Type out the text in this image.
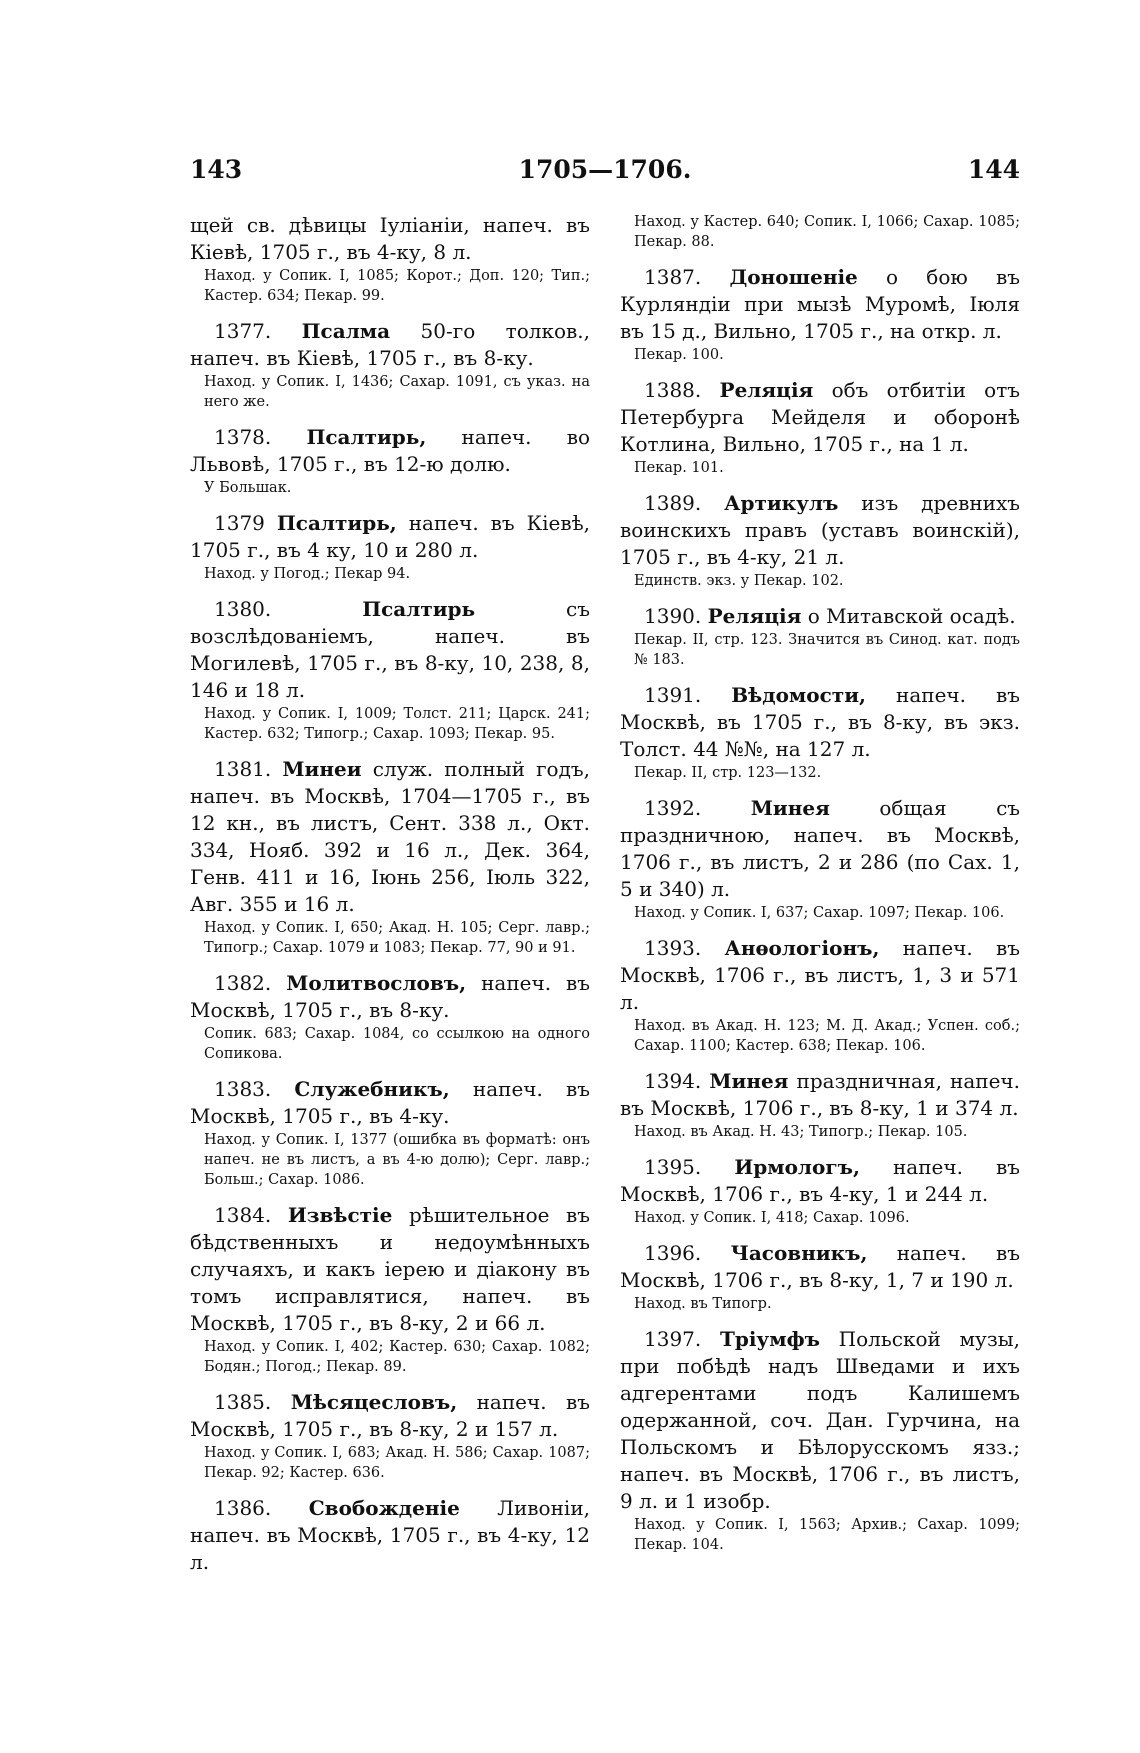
143	1705—1706.	144
щей св. дѣвицы Іуліаніи, напеч. въ Кіевѣ, 1705 г., въ 4-ку, 8 л.
Наход. у Сопик. I, 1085; Корот.; Доп. 120; Тип.; Кастер. 634; Пекар. 99.
1377. Псалма 50-го толков., напеч. въ Кіевѣ, 1705 г., въ 8-ку.
Наход. у Сопик. I, 1436; Сахар. 1091, съ указ. на него же.
1378. Псалтирь, напеч. во Львовѣ, 1705 г., въ 12-ю долю.
У Большак.
1379 Псалтирь, напеч. въ Кіевѣ, 1705 г., въ 4 ку, 10 и 280 л.
Наход. у Погод.; Пекар 94.
1380.	Псалтирь съ возслѣдованіемъ, напеч. въ Могилевѣ, 1705 г., въ 8-ку, 10, 238, 8, 146 и 18 л.
Наход. у Сопик. I, 1009; Толст. 211; Царск. 241; Кастер. 632; Типогр.; Сахар. 1093; Пекар. 95.
1381. Минеи служ. полный годъ, напеч. въ Москвѣ, 1704—1705 г., въ 12 кн., въ листъ, Сент. 338 л., Окт. 334, Нояб. 392 и 16 л., Дек. 364, Генв. 411 и 16, Іюнь 256, Іюль 322, Авг. 355 и 16 л.
Наход. у Сопик. I, 650; Акад. Н. 105; Серг. лавр.; Типогр.; Сахар. 1079 и 1083; Пекар. 77, 90 и 91.
1382. Молитвословъ, напеч. въ Москвѣ, 1705 г., въ 8-ку.
Сопик. 683; Сахар. 1084, со ссылкою на одного Сопикова.
1383. Служебникъ, напеч. въ Москвѣ, 1705 г., въ 4-ку.
Наход. у Сопик. I, 1377 (ошибка въ форматѣ: онъ напеч. не въ листъ, а въ 4-ю долю); Серг. лавр.; Больш.; Сахар. 1086.
1384. Извѣстіе рѣшительное въ бѣдственныхъ и недоумѣнныхъ случаяхъ, и какъ іерею и діакону въ томъ исправлятися, напеч. въ Москвѣ, 1705 г., въ 8-ку, 2 и 66 л.
Наход. у Сопик. I, 402; Кастер. 630; Сахар. 1082; Бодян.; Погод.; Пекар. 89.
1385. Мѣсяцесловъ, напеч. въ Москвѣ, 1705 г., въ 8-ку, 2 и 157 л.
Наход. у Сопик. I, 683; Акад. Н. 586; Сахар. 1087; Пекар. 92; Кастер. 636.
1386. Свобожденіе Ливоніи, напеч. въ Москвѣ, 1705 г., въ 4-ку, 12 л.
Наход. у Кастер. 640; Сопик. I, 1066; Сахар. 1085; Пекар. 88.
1387. Доношеніе о бою въ Курляндіи при мызѣ Муромѣ, Іюля въ 15 д., Вильно, 1705 г., на откр. л.
Пекар. 100.
1388. Реляція объ отбитіи отъ Петербурга Мейделя и оборонѣ Котлина, Вильно, 1705 г., на 1 л.
Пекар. 101.
1389. Артикулъ изъ древнихъ воинскихъ правъ (уставъ воинскій), 1705 г., въ 4-ку, 21 л.
Единств. экз. у Пекар. 102.
1390. Реляція о Митавской осадѣ.
Пекар. II, стр. 123. Значится въ Синод. кат. подъ № 183.
1391. Вѣдомости, напеч. въ Москвѣ, въ 1705 г., въ 8-ку, въ экз. Толст. 44 №№, на 127 л.
Пекар. II, стр. 123—132.
1392. Минея общая съ праздничною, напеч. въ Москвѣ, 1706 г., въ листъ, 2 и 286 (по Сах. 1, 5 и 340) л.
Наход. у Сопик. I, 637; Сахар. 1097; Пекар. 106.
1393. Анѳологіонъ, напеч. въ Москвѣ, 1706 г., въ листъ, 1, 3 и 571 л.
Наход. въ Акад. Н. 123; М. Д. Акад.; Успен. соб.; Сахар. 1100; Кастер. 638; Пекар. 106.
1394. Минея праздничная, напеч. въ Москвѣ, 1706 г., въ 8-ку, 1 и 374 л.
Наход. въ Акад. Н. 43; Типогр.; Пекар. 105.
1395. Ирмологъ, напеч. въ Москвѣ, 1706 г., въ 4-ку, 1 и 244 л.
Наход. у Сопик. I, 418; Сахар. 1096.
1396. Часовникъ, напеч. въ Москвѣ, 1706 г., въ 8-ку, 1, 7 и 190 л.
Наход. въ Типогр.
1397. Тріумфъ Польской музы, при побѣдѣ надъ Шведами и ихъ адгерентами подъ Калишемъ одержанной, соч. Дан. Гурчина, на Польскомъ и Бѣлорусскомъ язз.; напеч. въ Москвѣ, 1706 г., въ листъ, 9 л. и 1 изобр.
Наход. у Сопик. I, 1563; Архив.; Сахар. 1099; Пекар. 104.
